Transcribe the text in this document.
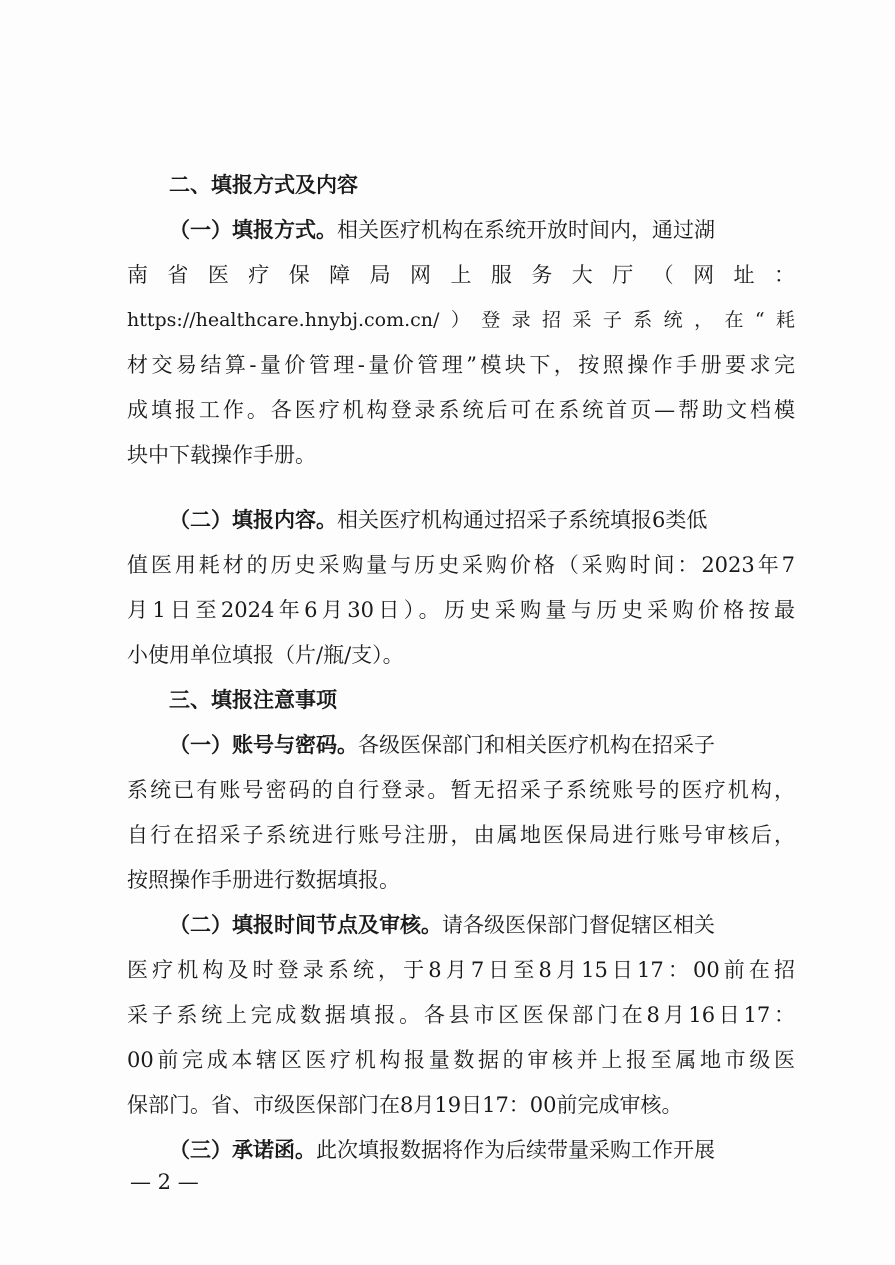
二、填报方式及内容
（一）填报方式。相关医疗机构在系统开放时间内，通过湖
南省医疗保障局网上服务大厅（网址：
https://healthcare.hnybj.com.cn/）登录招采子系统，在“耗
材交易结算-量价管理-量价管理”模块下，按照操作手册要求完
成填报工作。各医疗机构登录系统后可在系统首页—帮助文档模
块中下载操作手册。
（二）填报内容。相关医疗机构通过招采子系统填报6类低
值医用耗材的历史采购量与历史采购价格（采购时间：2023年7
月1日至2024年6月30日）。历史采购量与历史采购价格按最
小使用单位填报（片/瓶/支）。
三、填报注意事项
（一）账号与密码。各级医保部门和相关医疗机构在招采子
系统已有账号密码的自行登录。暂无招采子系统账号的医疗机构，
自行在招采子系统进行账号注册，由属地医保局进行账号审核后，
按照操作手册进行数据填报。
（二）填报时间节点及审核。请各级医保部门督促辖区相关
医疗机构及时登录系统，于8月7日至8月15日17：00前在招
采子系统上完成数据填报。各县市区医保部门在8月16日17：
00前完成本辖区医疗机构报量数据的审核并上报至属地市级医
保部门。省、市级医保部门在8月19日17：00前完成审核。
（三）承诺函。此次填报数据将作为后续带量采购工作开展
— 2 —
